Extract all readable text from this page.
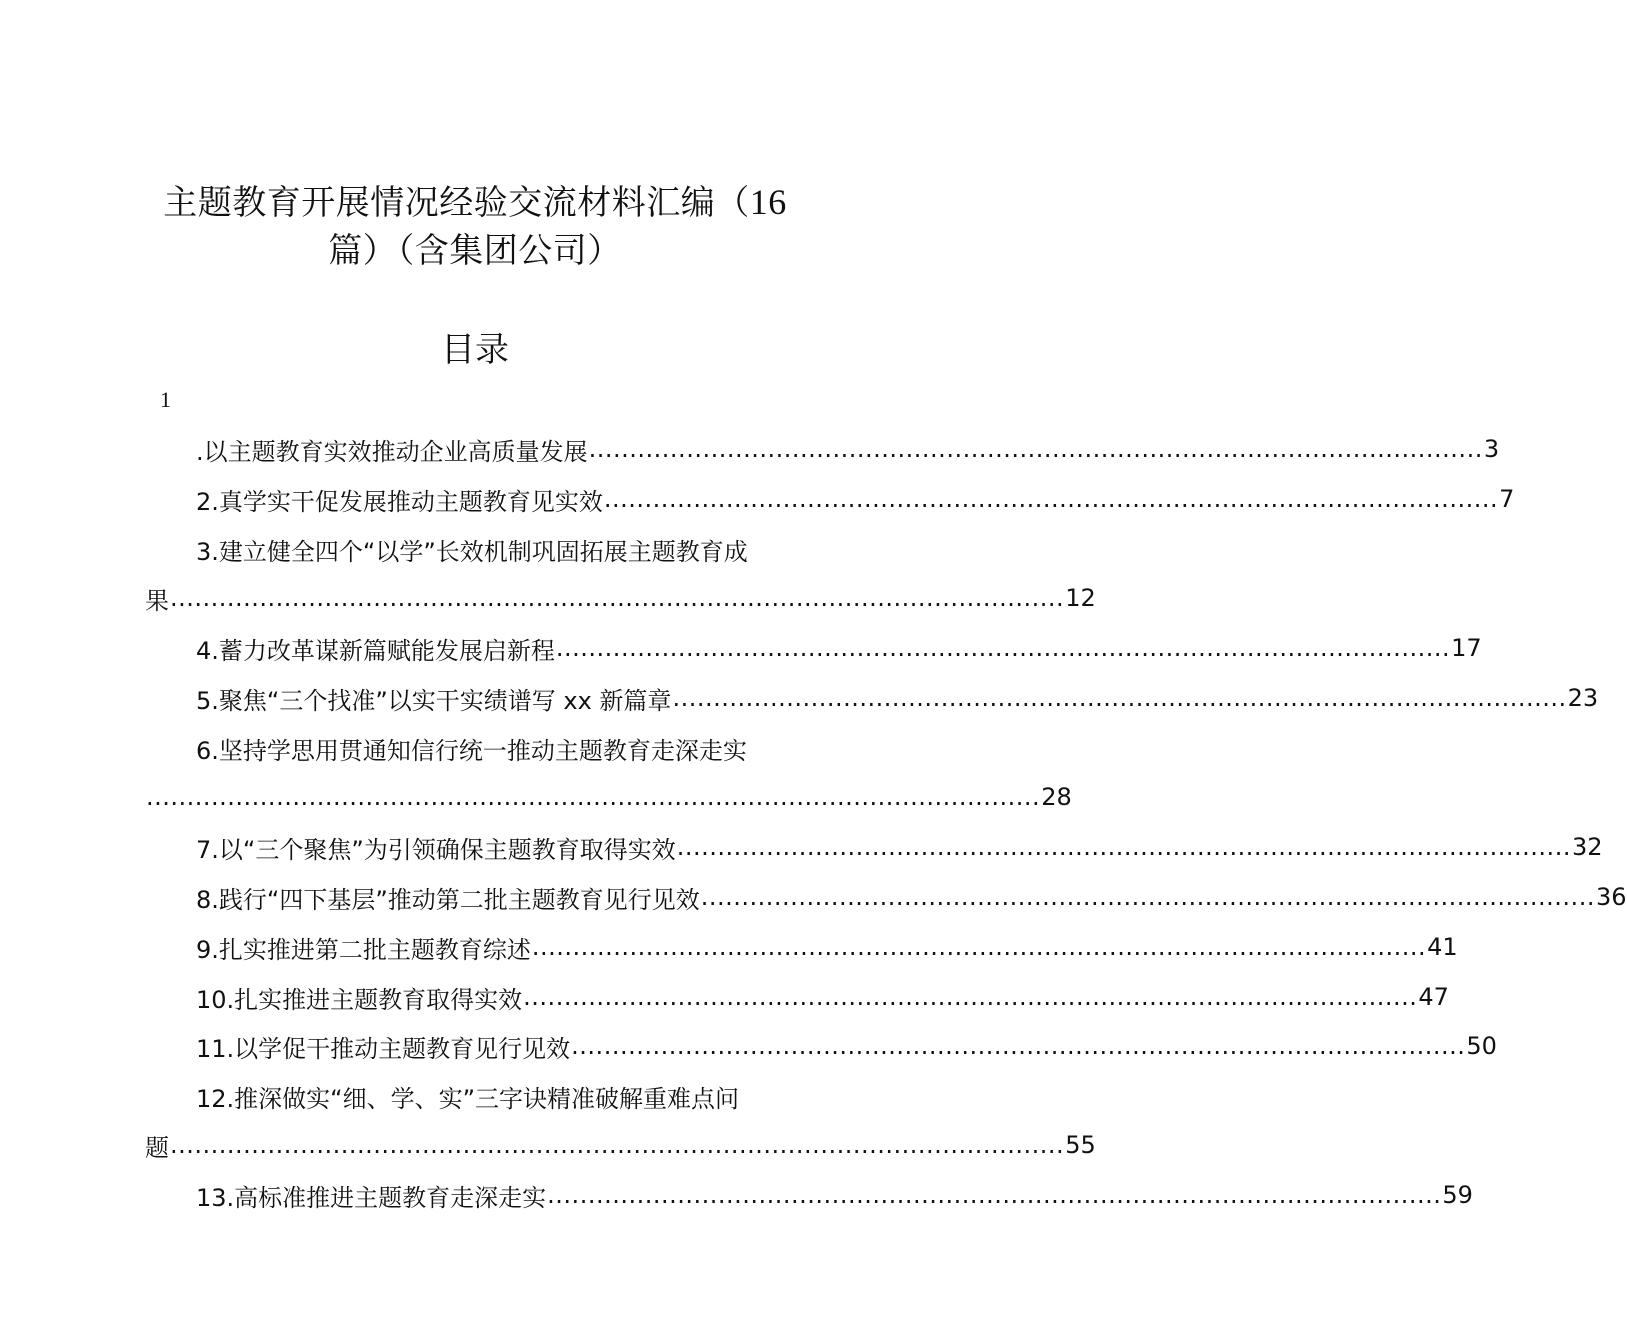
主题教育开展情况经验交流材料汇编（16
篇）（含集团公司）
目录
1
.以主题教育实效推动企业高质量发展 .............................................................................................................. 3
2.真学实干促发展推动主题教育见实效 .............................................................................................................. 7
3.建立健全四个“以学”长效机制巩固拓展主题教育成
果 .............................................................................................................. 12
4.蓄力改革谋新篇赋能发展启新程 .............................................................................................................. 17
5.聚焦“三个找准”以实干实绩谱写 xx 新篇章 .............................................................................................................. 23
6.坚持学思用贯通知信行统一推动主题教育走深走实
.............................................................................................................. 28
7.以“三个聚焦”为引领确保主题教育取得实效 .............................................................................................................. 32
8.践行“四下基层”推动第二批主题教育见行见效 .............................................................................................................. 36
9.扎实推进第二批主题教育综述 .............................................................................................................. 41
10.扎实推进主题教育取得实效 .............................................................................................................. 47
11.以学促干推动主题教育见行见效 .............................................................................................................. 50
12.推深做实“细、学、实”三字诀精准破解重难点问
题 .............................................................................................................. 55
13.高标准推进主题教育走深走实 .............................................................................................................. 59
